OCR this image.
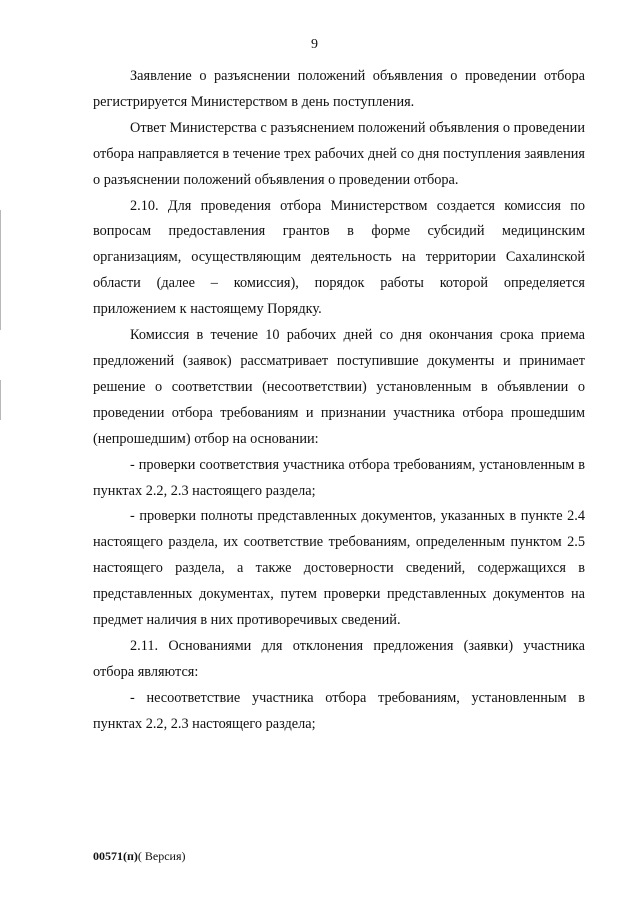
9

Заявление о разъяснении положений объявления о проведении отбора регистрируется Министерством в день поступления.

Ответ Министерства с разъяснением положений объявления о проведении отбора направляется в течение трех рабочих дней со дня поступления заявления о разъяснении положений объявления о проведении отбора.

2.10. Для проведения отбора Министерством создается комиссия по вопросам предоставления грантов в форме субсидий медицинским организациям, осуществляющим деятельность на территории Сахалинской области (далее – комиссия), порядок работы которой определяется приложением к настоящему Порядку.

Комиссия в течение 10 рабочих дней со дня окончания срока приема предложений (заявок) рассматривает поступившие документы и принимает решение о соответствии (несоответствии) установленным в объявлении о проведении отбора требованиям и признании участника отбора прошедшим (непрошедшим) отбор на основании:

- проверки соответствия участника отбора требованиям, установленным в пунктах 2.2, 2.3 настоящего раздела;

- проверки полноты представленных документов, указанных в пункте 2.4 настоящего раздела, их соответствие требованиям, определенным пунктом 2.5 настоящего раздела, а также достоверности сведений, содержащихся в представленных документах, путем проверки представленных документов на предмет наличия в них противоречивых сведений.

2.11. Основаниями для отклонения предложения (заявки) участника отбора являются:

- несоответствие участника отбора требованиям, установленным в пунктах 2.2, 2.3 настоящего раздела;

00571(п)( Версия)
